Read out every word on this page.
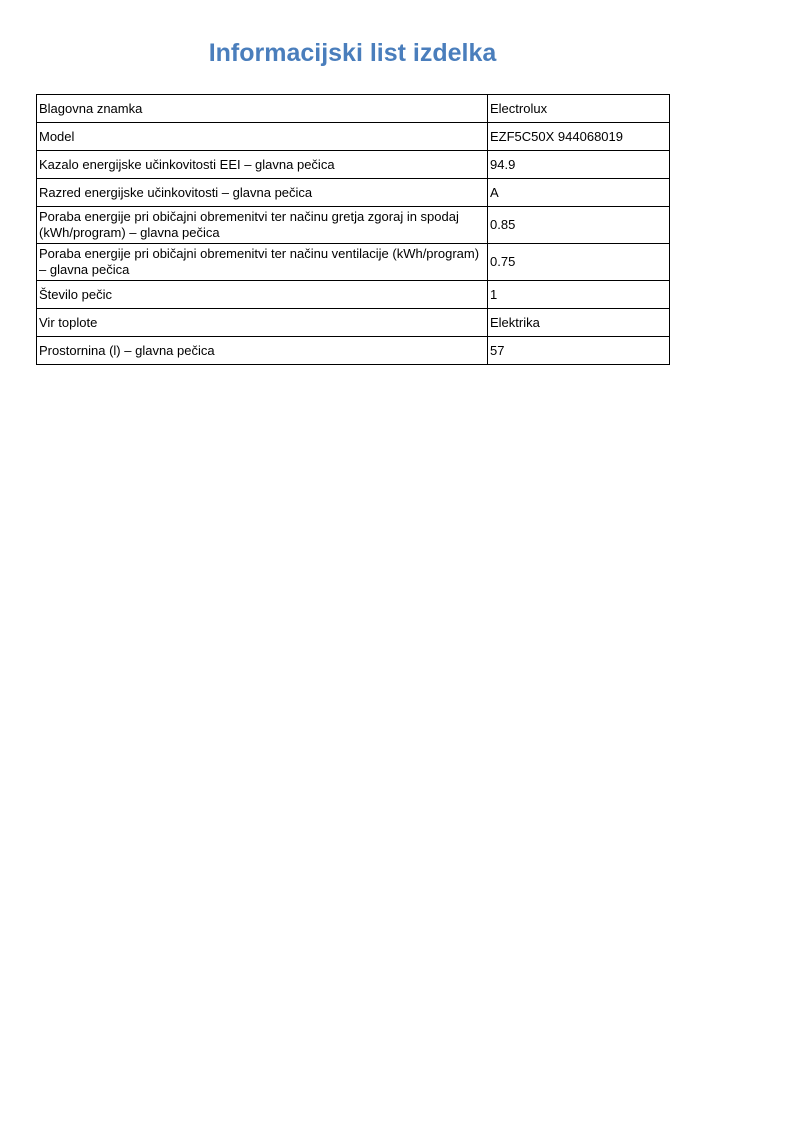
Informacijski list izdelka
Blagovna znamka	Electrolux
Model	EZF5C50X 944068019
Kazalo energijske učinkovitosti EEI – glavna pečica	94.9
Razred energijske učinkovitosti – glavna pečica	A
Poraba energije pri običajni obremenitvi ter načinu gretja zgoraj in spodaj (kWh/program) – glavna pečica	0.85
Poraba energije pri običajni obremenitvi ter načinu ventilacije (kWh/program) – glavna pečica	0.75
Število pečic	1
Vir toplote	Elektrika
Prostornina (l) – glavna pečica	57
